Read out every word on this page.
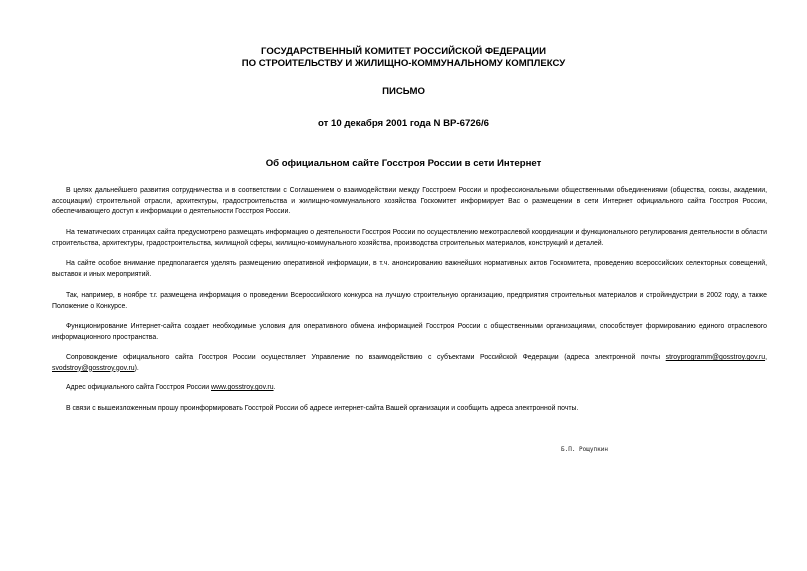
ГОСУДАРСТВЕННЫЙ КОМИТЕТ РОССИЙСКОЙ ФЕДЕРАЦИИ
ПО СТРОИТЕЛЬСТВУ И ЖИЛИЩНО-КОММУНАЛЬНОМУ КОМПЛЕКСУ
ПИСЬМО
от 10 декабря 2001 года N ВР-6726/6
Об официальном сайте Госстроя России в сети Интернет
В целях дальнейшего развития сотрудничества и в соответствии с Соглашением о взаимодействии между Госстроем России и профессиональными общественными объединениями (общества, союзы, академии, ассоциации) строительной отрасли, архитектуры, градостроительства и жилищно-коммунального хозяйства Госкомитет информирует Вас о размещении в сети Интернет официального сайта Госстроя России, обеспечивающего доступ к информации о деятельности Госстроя России.
На тематических страницах сайта предусмотрено размещать информацию о деятельности Госстроя России по осуществлению межотраслевой координации и функционального регулирования деятельности в области строительства, архитектуры, градостроительства, жилищной сферы, жилищно-коммунального хозяйства, производства строительных материалов, конструкций и деталей.
На сайте особое внимание предполагается уделять размещению оперативной информации, в т.ч. анонсированию важнейших нормативных актов Госкомитета, проведению всероссийских селекторных совещений, выставок и иных мероприятий.
Так, например, в ноябре т.г. размещена информация о проведении Всероссийского конкурса на лучшую строительную организацию, предприятия строительных материалов и стройиндустрии в 2002 году, а также Положение о Конкурсе.
Функционирование Интернет-сайта создает необходимые условия для оперативного обмена информацией Госстроя России с общественными организациями, способствует формированию единого отраслевого информационного пространства.
Сопровождение официального сайта Госстроя России осуществляет Управление по взаимодействию с субъектами Российской Федерации (адреса электронной почты stroyprogramm@gosstroy.gov.ru, svodstroy@gosstroy.gov.ru).
Адрес официального сайта Госстроя России www.gosstroy.gov.ru.
В связи с вышеизложенным прошу проинформировать Госстрой России об адресе интернет-сайта Вашей организации и сообщить адреса электронной почты.
Б.П. Рощупкин
